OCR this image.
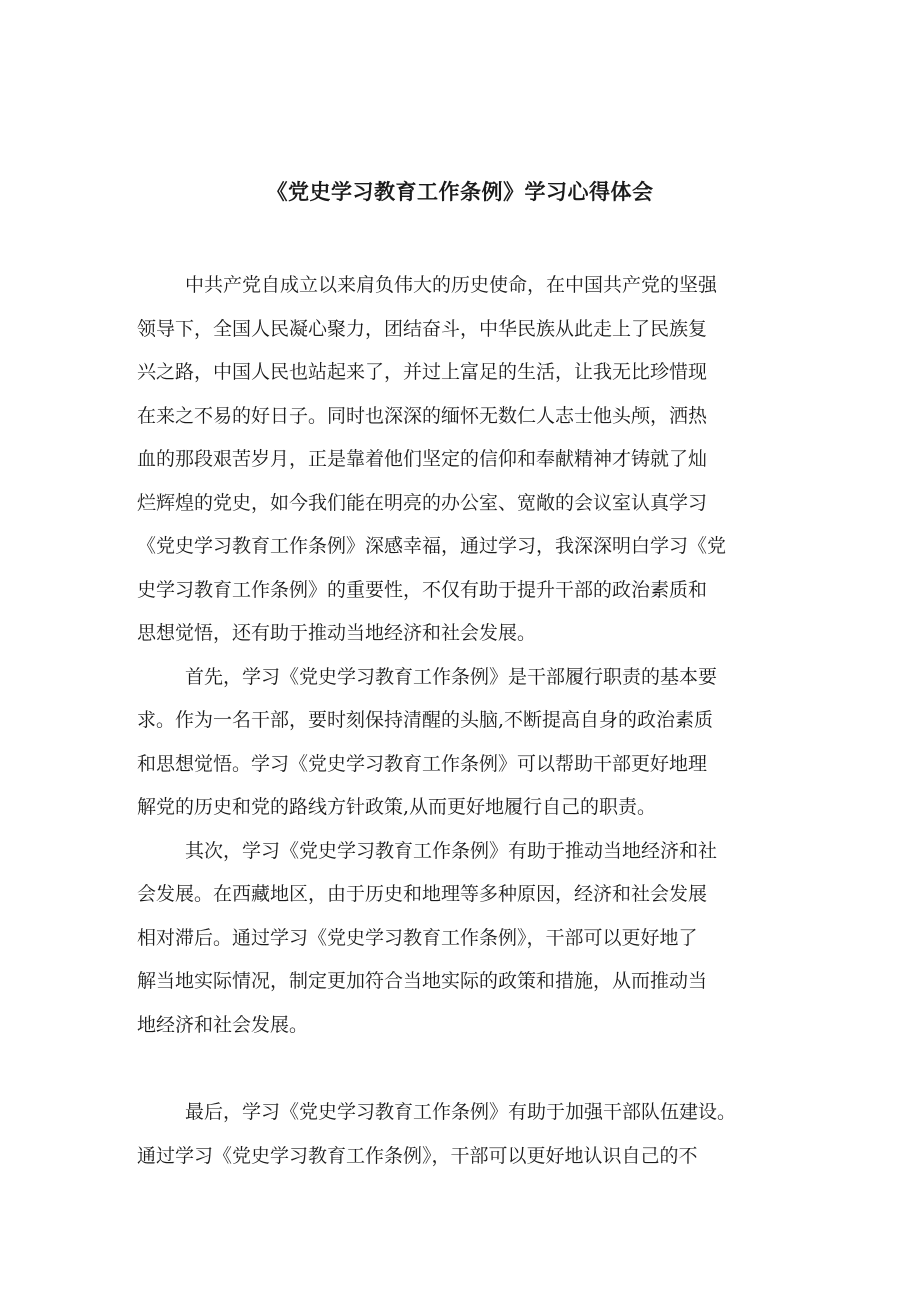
《党史学习教育工作条例》学习心得体会
中共产党自成立以来肩负伟大的历史使命，在中国共产党的坚强
领导下，全国人民凝心聚力，团结奋斗，中华民族从此走上了民族复
兴之路，中国人民也站起来了，并过上富足的生活，让我无比珍惜现
在来之不易的好日子。同时也深深的缅怀无数仁人志士他头颅，洒热
血的那段艰苦岁月，正是靠着他们坚定的信仰和奉献精神才铸就了灿
烂辉煌的党史，如今我们能在明亮的办公室、宽敞的会议室认真学习
《党史学习教育工作条例》深感幸福，通过学习，我深深明白学习《党
史学习教育工作条例》的重要性，不仅有助于提升干部的政治素质和
思想觉悟，还有助于推动当地经济和社会发展。
首先，学习《党史学习教育工作条例》是干部履行职责的基本要
求。作为一名干部，要时刻保持清醒的头脑,不断提高自身的政治素质
和思想觉悟。学习《党史学习教育工作条例》可以帮助干部更好地理
解党的历史和党的路线方针政策,从而更好地履行自己的职责。
其次，学习《党史学习教育工作条例》有助于推动当地经济和社
会发展。在西藏地区，由于历史和地理等多种原因，经济和社会发展
相对滞后。通过学习《党史学习教育工作条例》，干部可以更好地了
解当地实际情况，制定更加符合当地实际的政策和措施，从而推动当
地经济和社会发展。
最后，学习《党史学习教育工作条例》有助于加强干部队伍建设。
通过学习《党史学习教育工作条例》，干部可以更好地认识自己的不
